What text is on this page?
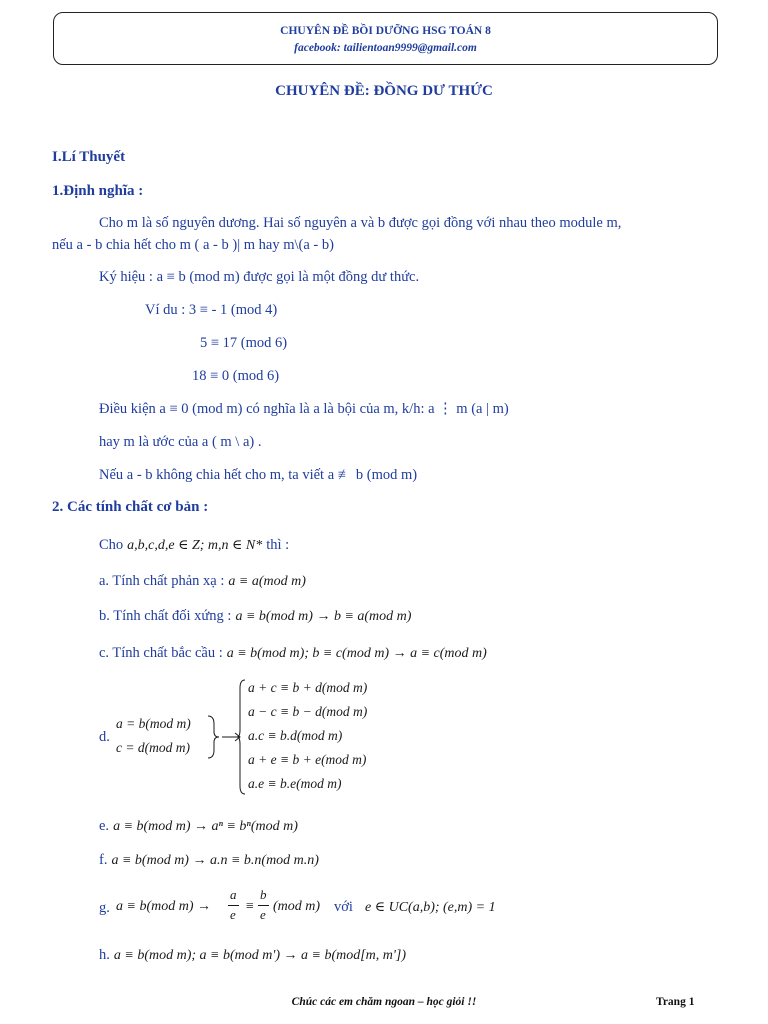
CHUYÊN ĐỀ BỒI DƯỠNG HSG TOÁN 8
facebook: tailientoan9999@gmail.com
CHUYÊN ĐỀ: ĐỒNG DƯ THỨC
I.Lí Thuyết
1.Định nghĩa :
Cho m là số nguyên dương. Hai số nguyên a và b được gọi đồng với nhau theo module m,
nếu a - b chia hết cho m ( a - b )| m hay m\(a - b)
Ký hiệu : a ≡ b (mod m) được gọi là một đồng dư thức.
Ví du : 3 ≡ - 1 (mod 4)
5 ≡ 17 (mod 6)
18 ≡ 0 (mod 6)
Điều kiện a ≡ 0 (mod m) có nghĩa là a là bội của m, k/h: a ⋮ m (a | m)
hay m là ước của a ( m \ a) .
Nếu a - b không chia hết cho m, ta viết a ≢ b (mod m)
2. Các tính chất cơ bản :
Cho a,b,c,d,e ∈ Z; m,n ∈ N* thì :
a. Tính chất phản xạ : a ≡ a(mod m)
b. Tính chất đối xứng : a ≡ b(mod m) → b ≡ a(mod m)
c. Tính chất bắc cầu : a ≡ b(mod m); b ≡ c(mod m) → a ≡ c(mod m)
d.
a = b(mod m)
c = d(mod m)
a + c ≡ b + d(mod m)
a − c ≡ b − d(mod m)
a.c ≡ b.d(mod m)
a + e ≡ b + e(mod m)
a.e ≡ b.e(mod m)
e. a ≡ b(mod m) → aⁿ ≡ bⁿ(mod m)
f. a ≡ b(mod m) → a.n ≡ b.n(mod m.n)
g. a ≡ b(mod m) →
a
e
≡
b
e
(mod m) với e ∈ UC(a,b); (e,m) = 1
h. a ≡ b(mod m); a ≡ b(mod m') → a ≡ b(mod[m, m'])
Chúc các em chăm ngoan – học giỏi !!	Trang 1
